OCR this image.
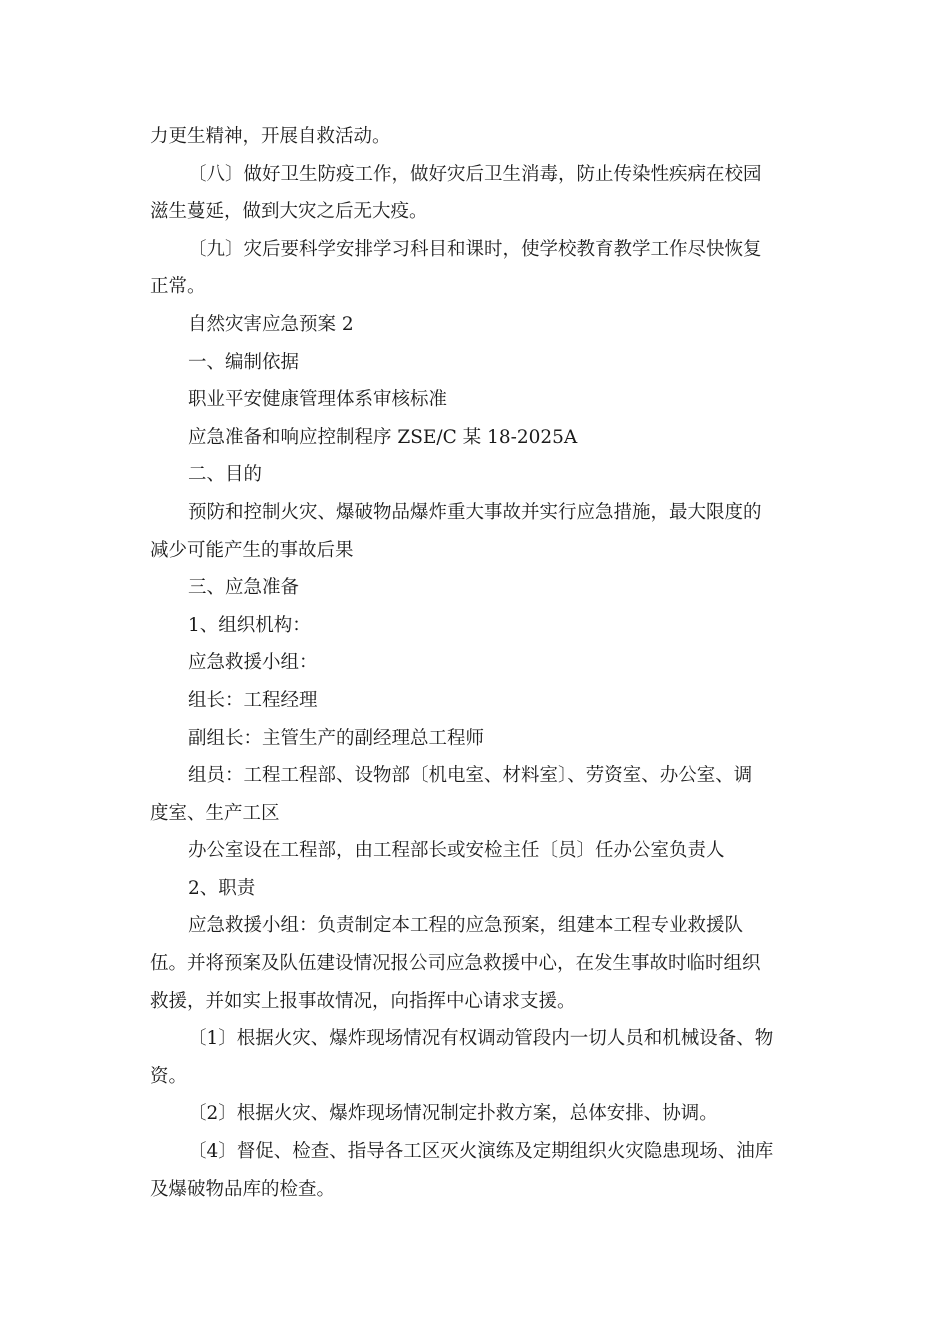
力更生精神，开展自救活动。

〔八〕做好卫生防疫工作，做好灾后卫生消毒，防止传染性疾病在校园

滋生蔓延，做到大灾之后无大疫。

〔九〕灾后要科学安排学习科目和课时，使学校教育教学工作尽快恢复

正常。

自然灾害应急预案 2

一、编制依据

职业平安健康管理体系审核标准

应急准备和响应控制程序 ZSE/C 某 18-2025A

二、目的

预防和控制火灾、爆破物品爆炸重大事故并实行应急措施，最大限度的

减少可能产生的事故后果

三、应急准备

1、组织机构：

应急救援小组：

组长：工程经理

副组长：主管生产的副经理总工程师

组员：工程工程部、设物部〔机电室、材料室〕、劳资室、办公室、调

度室、生产工区

办公室设在工程部，由工程部长或安检主任〔员〕任办公室负责人

2、职责

应急救援小组：负责制定本工程的应急预案，组建本工程专业救援队

伍。并将预案及队伍建设情况报公司应急救援中心，在发生事故时临时组织

救援，并如实上报事故情况，向指挥中心请求支援。

〔1〕根据火灾、爆炸现场情况有权调动管段内一切人员和机械设备、物

资。

〔2〕根据火灾、爆炸现场情况制定扑救方案，总体安排、协调。

〔4〕督促、检查、指导各工区灭火演练及定期组织火灾隐患现场、油库

及爆破物品库的检查。
